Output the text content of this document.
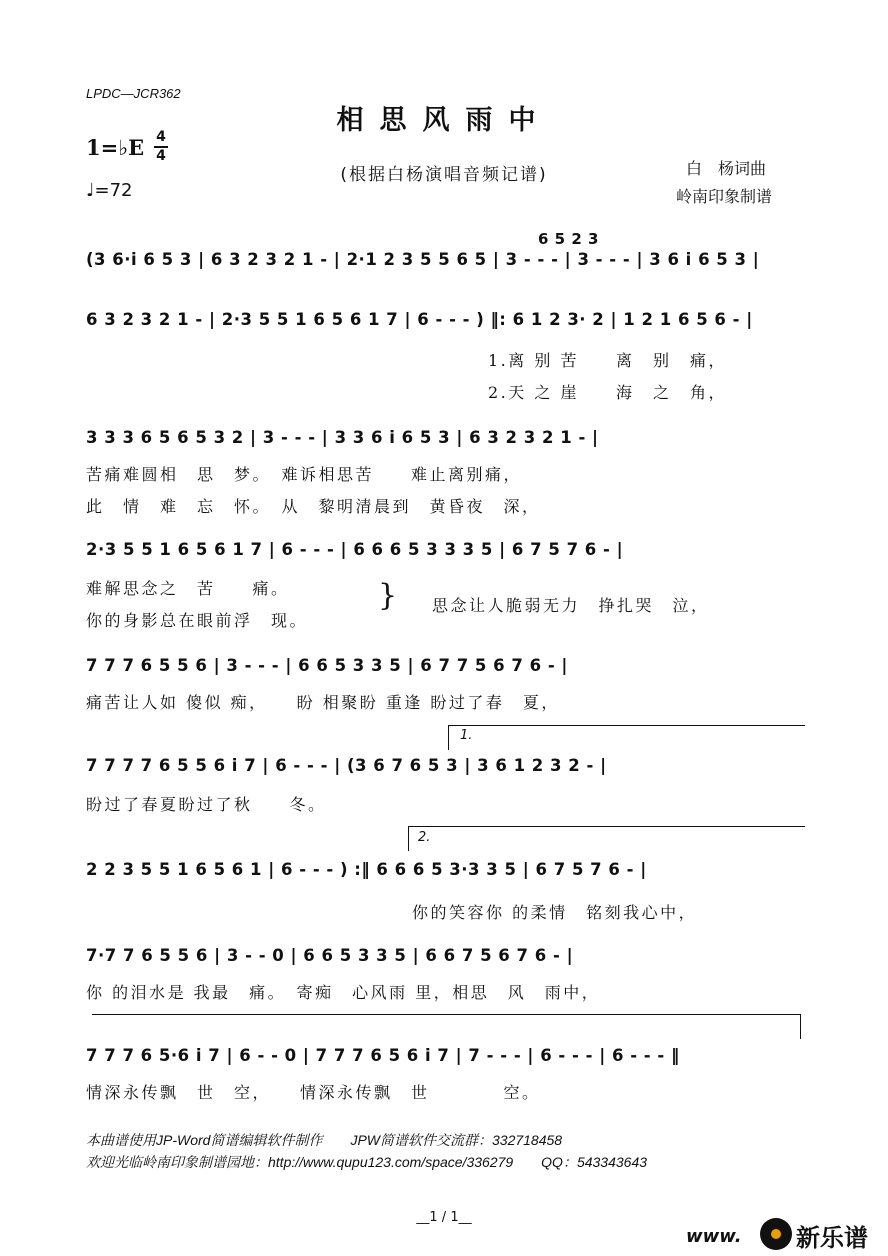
LPDC—JCR362
相思风雨中
(根据白杨演唱音频记谱)
1=♭E 4
4
♩=72
白　杨词曲
岭南印象制谱
(3 6·i 6 5 3 | 6 3 2 3 2 1 - | 2·1 2 3 5 5 6 5 | 3 - - - | 3 - - - | 3 6 i 6 5 3 |
6 5 2 3
6 3 2 3 2 1 - | 2·3 5 5 1 6 5 6 1 7 | 6 - - - ) ‖: 6 1 2 3· 2 | 1 2 1 6 5 6 - |
1.离 别 苦　　离　别　痛，
2.天 之 崖　　海　之　角，
3 3 3 6 5 6 5 3 2 | 3 - - - | 3 3 6 i 6 5 3 | 6 3 2 3 2 1 - |
苦痛难圆相　思　梦。　难诉相思苦　　难止离别痛，
此　情　难　忘　怀。　从　黎明清晨到　黄昏夜　深，
2·3 5 5 1 6 5 6 1 7 | 6 - - - | 6 6 6 5 3 3 3 5 | 6 7 5 7 6 - |
难解思念之　苦　　痛。
你的身影总在眼前浮　现。
} 思念让人脆弱无力　挣扎哭　泣，
7 7 7 6 5 5 6 | 3 - - - | 6 6 5 3 3 5 | 6 7 7 5 6 7 6 - |
痛苦让人如 傻似 痴，　　盼 相聚盼 重逢 盼过了春　夏，
1.
7 7 7 7 6 5 5 6 i 7 | 6 - - - | (3 6 7 6 5 3 | 3 6 1 2 3 2 - |
盼过了春夏盼过了秋　　冬。
2.
2 2 3 5 5 1 6 5 6 1 | 6 - - - ) :‖ 6 6 6 5 3·3 3 5 | 6 7 5 7 6 - |
你的笑容你 的柔情　铭刻我心中，
7·7 7 6 5 5 6 | 3 - - 0 | 6 6 5 3 3 5 | 6 6 7 5 6 7 6 - |
你 的泪水是 我最　痛。　寄痴　心风雨 里，相思　风　雨中，
7 7 7 6 5·6 i 7 | 6 - - 0 | 7 7 7 6 5 6 i 7 | 7 - - - | 6 - - - | 6 - - - ‖
情深永传飘　世　空，　　情深永传飘　世　　　　空。
本曲谱使用JP-Word简谱编辑软件制作　　JPW简谱软件交流群：332718458
欢迎光临岭南印象制谱园地：http://www.qupu123.com/space/336279　　QQ：543343643
__1 / 1__
www. 新乐谱
